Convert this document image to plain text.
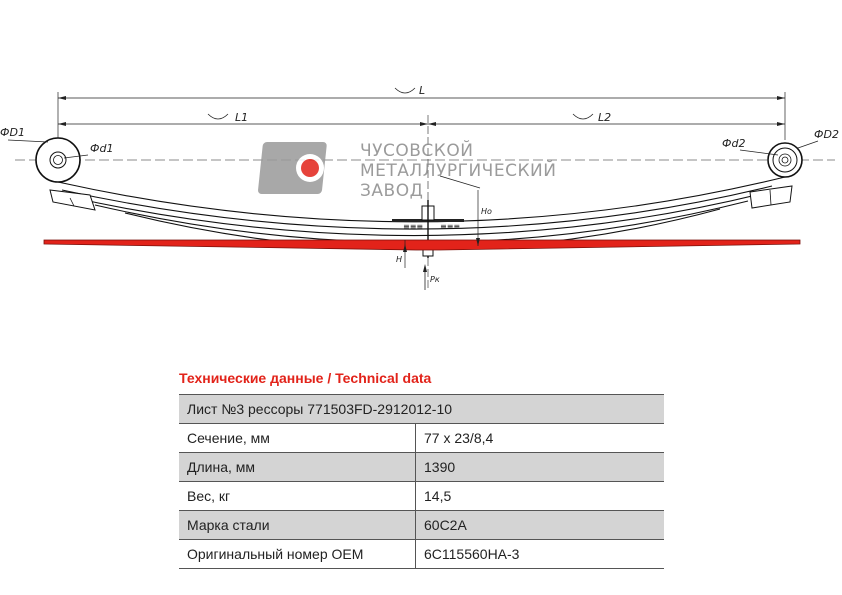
L
L1	L2
ФD1
Фd1	Фd2
ФD2
≡≡≡ ≡≡≡
Ho
H
Pк
ЧУСОВСКОЙ
МЕТАЛЛУРГИЧЕСКИЙ
ЗАВОД
Технические данные / Technical data
Лист №3 рессоры 771503FD-2912012-10	
Сечение, мм	77 х 23/8,4
Длина, мм	1390
Вес, кг	14,5
Марка стали	60С2А
Оригинальный номер OEM	6С115560НА-3
